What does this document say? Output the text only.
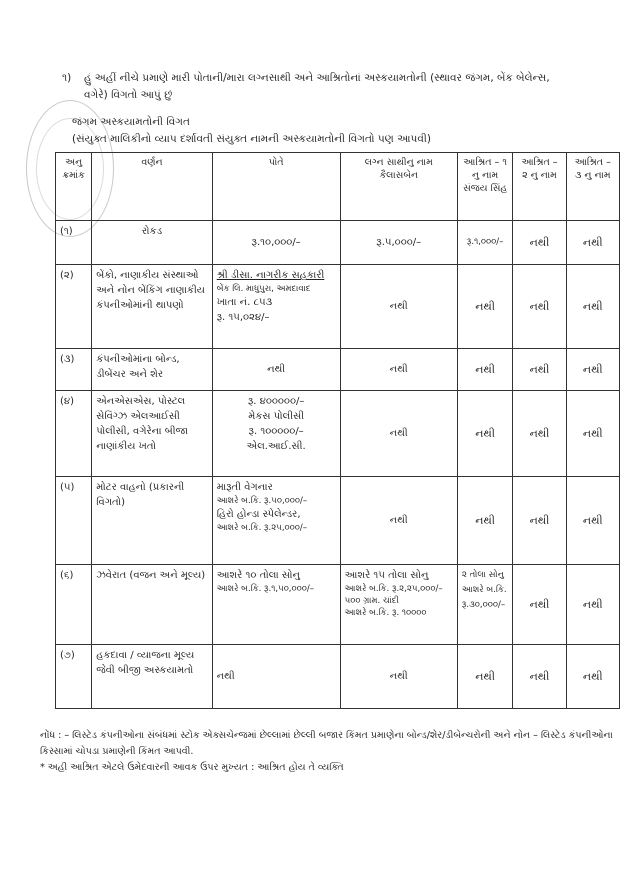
૧) હું અહીં નીચે પ્રમાણે મારી પોતાની/મારા લગ્નસાથી અને આશ્રિતોનાં અસ્કયામતોની (સ્થાવર જંગમ, બેંક બેલેન્સ, વગેરે) વિગતો આપું છું
જંગમ અસ્કયામતોની વિગત
(સંયુક્ત માલિકીનો વ્યાપ દર્શાવતી સંયુક્ત નામની અસ્કયામતોની વિગતો પણ આપવી)
અનુ ક્રમાંક	વર્ણન	પોતે	લગ્ન સાથીનુ નામ કૈલાસબેન	આશ્રિત – ૧ નુ નામ સંજય સિંહ	આશ્રિત – ૨ નુ નામ	આશ્રિત – ૩ નુ નામ
(૧)	રોકડ	રૂ.૧૦,૦૦૦/–	રૂ.૫,૦૦૦/–	રૂ.૧,૦૦૦/–	નથી	નથી
(૨)	બેંકો, નાણાકીય સંસ્થાઓ અને નોન બેંકિંગ નાણાકીય કંપનીઓમાંની થાપણો	શ્રી ડીસા. નાગરીક સહકારી
બેંક લિ. માધુપુરા, અમદાવાદ
ખાતા નં. ૮૫૩
રૂ. ૧૫,૦૨૪/–	નથી	નથી	નથી	નથી
(૩)	કંપનીઓમાંના બોન્ડ, ડીબેંચર અને શેર	નથી	નથી	નથી	નથી	નથી
(૪)	એનએસએસ, પોસ્ટલ સેવિંગ્ઝ એલઆઈસી પોલીસી, વગેરેના બીજા નાણાંકીય ખતો	રૂ. ૪૦૦૦૦૦/–
મેકસ પોલીસી
રૂ. ૧૦૦૦૦૦/–
એલ.આઈ.સી.	નથી	નથી	નથી	નથી
(૫)	મોટર વાહનો (પ્રકારની વિગતો)	મારૂતી વેગનાર
આશરે બ.કિ. રૂ.૫૦,૦૦૦/–
હિરો હોન્ડા સ્પેલેન્ડર,
આશરે બ.કિ. રૂ.૨૫,૦૦૦/–	નથી	નથી	નથી	નથી
(૬)	ઝવેરાત (વજન અને મૂલ્ય)	આશરે ૧૦ તોલા સોનુ
આશરે બ.કિ. રૂ.૧,૫૦,૦૦૦/–	આશરે ૧૫ તોલા સોનુ
આશરે બ.કિ. રૂ.૨,૨૫,૦૦૦/–
૫૦૦ ગ્રામ. ચાંદી
આશરે બ.કિ. રૂ. ૧૦૦૦૦	૨ તોલા સોનુ આશરે બ.કિ. રૂ.૩૦,૦૦૦/–	નથી	નથી
(૭)	હકદાવા / વ્યાજના મૂલ્ય જેવી બીજી અસ્કયામતો	નથી	નથી	નથી	નથી	નથી

નોંધ : – લિસ્ટેડ કંપનીઓના સંબંધમાં સ્ટોક એક્સચેન્જમાં છેલ્લામાં છેલ્લી બજાર કિંમત પ્રમાણેના બોન્ડ/શેર/ડીબેન્ચરોની અને નોન – લિસ્ટેડ કંપનીઓના કિસ્સામાં ચોપડા પ્રમાણેની કિંમત આપવી.

* અહી આશ્રિત એટલે ઉમેદવારની આવક ઉપર મુખ્યત : આશ્રિત હોય તે વ્યક્તિ
